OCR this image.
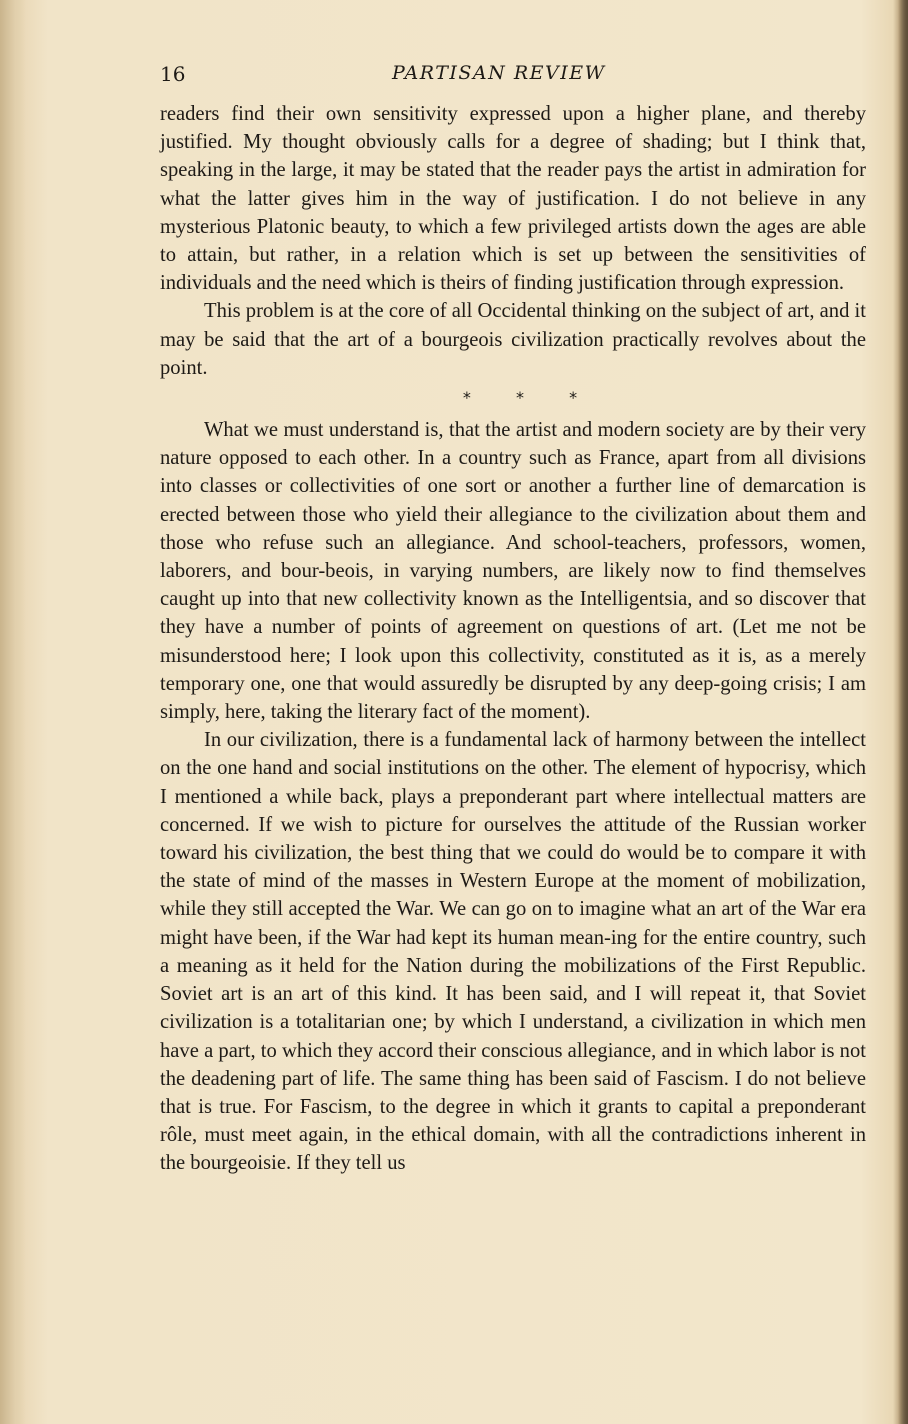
16	PARTISAN REVIEW

readers find their own sensitivity expressed upon a higher plane, and thereby justified. My thought obviously calls for a degree of shading; but I think that, speaking in the large, it may be stated that the reader pays the artist in admiration for what the latter gives him in the way of justification. I do not believe in any mysterious Platonic beauty, to which a few privileged artists down the ages are able to attain, but rather, in a relation which is set up between the sensitivities of individuals and the need which is theirs of finding justification through expression.

This problem is at the core of all Occidental thinking on the subject of art, and it may be said that the art of a bourgeois civilization practically revolves about the point.

* * *

What we must understand is, that the artist and modern society are by their very nature opposed to each other. In a country such as France, apart from all divisions into classes or collectivities of one sort or another a further line of demarcation is erected between those who yield their allegiance to the civilization about them and those who refuse such an allegiance. And school-teachers, professors, women, laborers, and bour-beois, in varying numbers, are likely now to find themselves caught up into that new collectivity known as the Intelligentsia, and so discover that they have a number of points of agreement on questions of art. (Let me not be misunderstood here; I look upon this collectivity, constituted as it is, as a merely temporary one, one that would assuredly be disrupted by any deep-going crisis; I am simply, here, taking the literary fact of the moment).

In our civilization, there is a fundamental lack of harmony between the intellect on the one hand and social institutions on the other. The element of hypocrisy, which I mentioned a while back, plays a preponderant part where intellectual matters are concerned. If we wish to picture for ourselves the attitude of the Russian worker toward his civilization, the best thing that we could do would be to compare it with the state of mind of the masses in Western Europe at the moment of mobilization, while they still accepted the War. We can go on to imagine what an art of the War era might have been, if the War had kept its human mean-ing for the entire country, such a meaning as it held for the Nation during the mobilizations of the First Republic. Soviet art is an art of this kind. It has been said, and I will repeat it, that Soviet civilization is a totalitarian one; by which I understand, a civilization in which men have a part, to which they accord their conscious allegiance, and in which labor is not the deadening part of life. The same thing has been said of Fascism. I do not believe that is true. For Fascism, to the degree in which it grants to capital a preponderant rôle, must meet again, in the ethical domain, with all the contradictions inherent in the bourgeoisie. If they tell us
